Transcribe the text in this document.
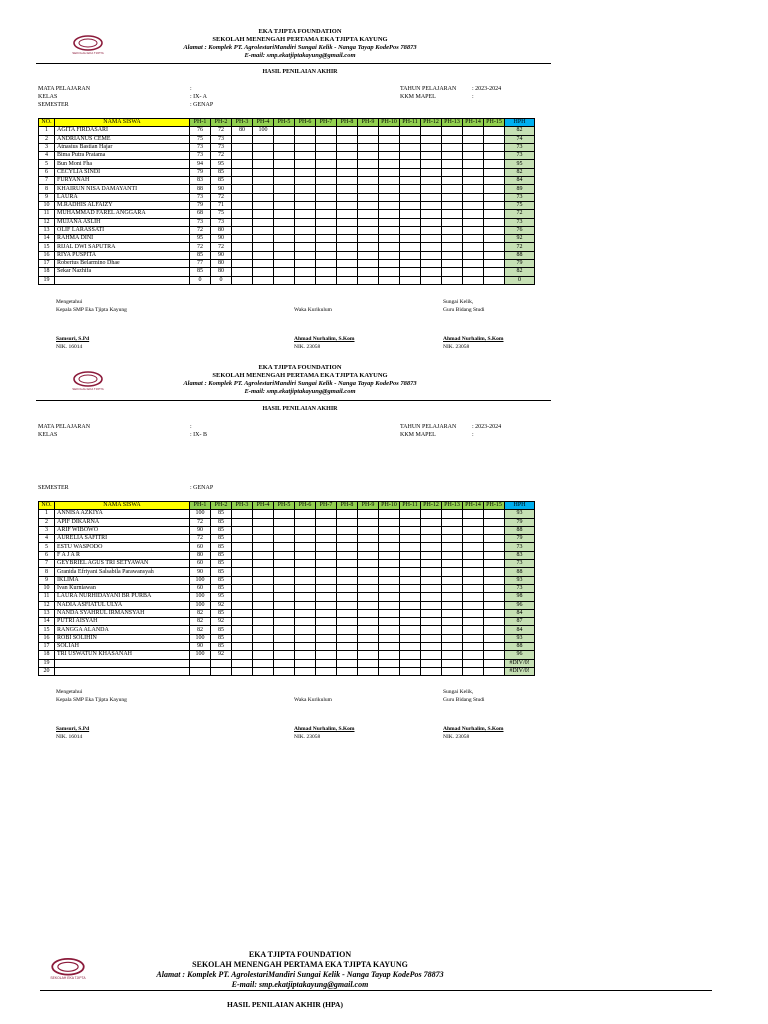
SEKOLAH EKA TJIPTA
EKA TJIPTA FOUNDATION
SEKOLAH MENENGAH PERTAMA EKA TJIPTA KAYUNG
Alamat : Komplek PT. AgrolestariMandiri Sungai Kelik - Nanga Tayap KodePos 78873
E-mail: smp.ekatjiptakayung@gmail.com
HASIL PENILAIAN AKHIR
MATA PELAJARAN
KELAS
SEMESTER
:
: IX- A
: GENAP
TAHUN PELAJARAN
KKM MAPEL
: 2023-2024
:
NO.	NAMA SISWA	PH-1	PH-2	PH-3	PH-4	PH-5	PH-6	PH-7	PH-8	PH-9	PH-10	PH-11	PH-12	PH-13	PH-14	PH-15	HPH
1	AGITA FIRDASARI	76	72	80	100												82
2	ANDRIANUS CEME	75	73														74
3	Atnasius Bastian Hajar	73	73														73
4	Bima Putra Pratama	73	72														73
5	Bun Moni Fha	94	95														95
6	CECYLIA SINDI	79	85														82
7	FURYANAH	83	85														84
8	KHAIRUN NISA DAMAYANTI	88	90														89
9	LAURA	73	72														73
10	M.RADHIS ALFAIZY	79	71														75
11	MUHAMMAD FAREL ANGGARA	68	75														72
12	MUJANA ASLIH	73	73														73
13	OLIF LARASSATI	72	80														76
14	RAHMA DINI	95	90														92
15	RIJAL DWI SAPUTRA	72	72														72
16	RIYA PUSPITA	85	90														88
17	Robertus Belarmino Dhae	77	80														79
18	Sekar Nazhifa	85	80														82
19		0	0														0
Mengetahui
Kepala SMP Eka Tjipta Kayung
Samsuri, S.Pd
NIK. 16014
Waka Kurikulum
Ahmad Nurhalim, S.Kom
NIK. 23058
Sungai Kelik,
Guru Bidang Studi
Ahmad Nurhalim, S.Kom
NIK. 23058
SEKOLAH EKA TJIPTA
EKA TJIPTA FOUNDATION
SEKOLAH MENENGAH PERTAMA EKA TJIPTA KAYUNG
Alamat : Komplek PT. AgrolestariMandiri Sungai Kelik - Nanga Tayap KodePos 78873
E-mail: smp.ekatjiptakayung@gmail.com
HASIL PENILAIAN AKHIR
MATA PELAJARAN
KELAS
:
: IX- B
TAHUN PELAJARAN
KKM MAPEL
: 2023-2024
:
SEMESTER	: GENAP
NO.	NAMA SISWA	PH-1	PH-2	PH-3	PH-4	PH-5	PH-6	PH-7	PH-8	PH-9	PH-10	PH-11	PH-12	PH-13	PH-14	PH-15	HPH
1	ANNISA AZKIYA	100	85														93
2	APIF DIKARNA	72	85														79
3	ARIF WIBOWO	90	85														88
4	AURELIA SAFITRI	72	85														79
5	ESTU WASPODO	60	85														73
6	F A J A R	80	85														83
7	GEYBRIEL AGUS TRI SETYAWAN	60	85														73
8	Granida Efriyani Salsabila Parawansyah	90	85														88
9	IKLIMA	100	85														93
10	Ivan Kurniawan	60	85														73
11	LAURA NURHIDAYANI BR PURBA	100	95														98
12	NADIA ASFIATUL ULYA	100	92														96
13	NANDA SYAHRUL IRMANSYAH	82	85														84
14	PUTRI AISYAH	82	92														87
15	RANGGA ALANDA	82	85														84
16	ROBI SOLIHIN	100	85														93
17	SOLIAH	90	85														88
18	TRI USWATUN KHASANAH	100	92														96
19																	#DIV/0!
20																	#DIV/0!
Mengetahui
Kepala SMP Eka Tjipta Kayung
Samsuri, S.Pd
NIK. 16014
Waka Kurikulum
Ahmad Nurhalim, S.Kom
NIK. 23058
Sungai Kelik,
Guru Bidang Studi
Ahmad Nurhalim, S.Kom
NIK. 23058
SEKOLAH EKA TJIPTA
EKA TJIPTA FOUNDATION
SEKOLAH MENENGAH PERTAMA EKA TJIPTA KAYUNG
Alamat : Komplek PT. AgrolestariMandiri Sungai Kelik - Nanga Tayap KodePos 78873
E-mail: smp.ekatjiptakayung@gmail.com
HASIL PENILAIAN AKHIR (HPA)
